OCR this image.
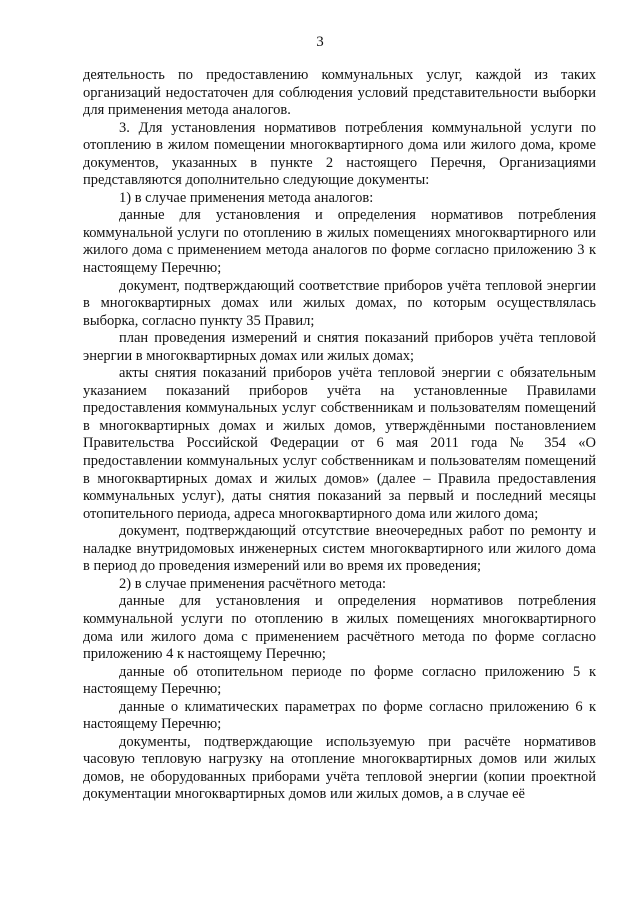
3

деятельность по предоставлению коммунальных услуг, каждой из таких организаций недостаточен для соблюдения условий представительности выборки для применения метода аналогов.

3. Для установления нормативов потребления коммунальной услуги по отоплению в жилом помещении многоквартирного дома или жилого дома, кроме документов, указанных в пункте 2 настоящего Перечня, Организациями представляются дополнительно следующие документы:

1) в случае применения метода аналогов:

данные для установления и определения нормативов потребления коммунальной услуги по отоплению в жилых помещениях многоквартирного или жилого дома с применением метода аналогов по форме согласно приложению 3 к настоящему Перечню;

документ, подтверждающий соответствие приборов учёта тепловой энергии в многоквартирных домах или жилых домах, по которым осуществлялась выборка, согласно пункту 35 Правил;

план проведения измерений и снятия показаний приборов учёта тепловой энергии в многоквартирных домах или жилых домах;

акты снятия показаний приборов учёта тепловой энергии с обязательным указанием показаний приборов учёта на установленные Правилами предоставления коммунальных услуг собственникам и пользователям помещений в многоквартирных домах и жилых домов, утверждёнными постановлением Правительства Российской Федерации от 6 мая 2011 года № 354 «О предоставлении коммунальных услуг собственникам и пользователям помещений в многоквартирных домах и жилых домов» (далее – Правила предоставления коммунальных услуг), даты снятия показаний за первый и последний месяцы отопительного периода, адреса многоквартирного дома или жилого дома;

документ, подтверждающий отсутствие внеочередных работ по ремонту и наладке внутридомовых инженерных систем многоквартирного или жилого дома в период до проведения измерений или во время их проведения;

2) в случае применения расчётного метода:

данные для установления и определения нормативов потребления коммунальной услуги по отоплению в жилых помещениях многоквартирного дома или жилого дома с применением расчётного метода по форме согласно приложению 4 к настоящему Перечню;

данные об отопительном периоде по форме согласно приложению 5 к настоящему Перечню;

данные о климатических параметрах по форме согласно приложению 6 к настоящему Перечню;

документы, подтверждающие используемую при расчёте нормативов часовую тепловую нагрузку на отопление многоквартирных домов или жилых домов, не оборудованных приборами учёта тепловой энергии (копии проектной документации многоквартирных домов или жилых домов, а в случае её
